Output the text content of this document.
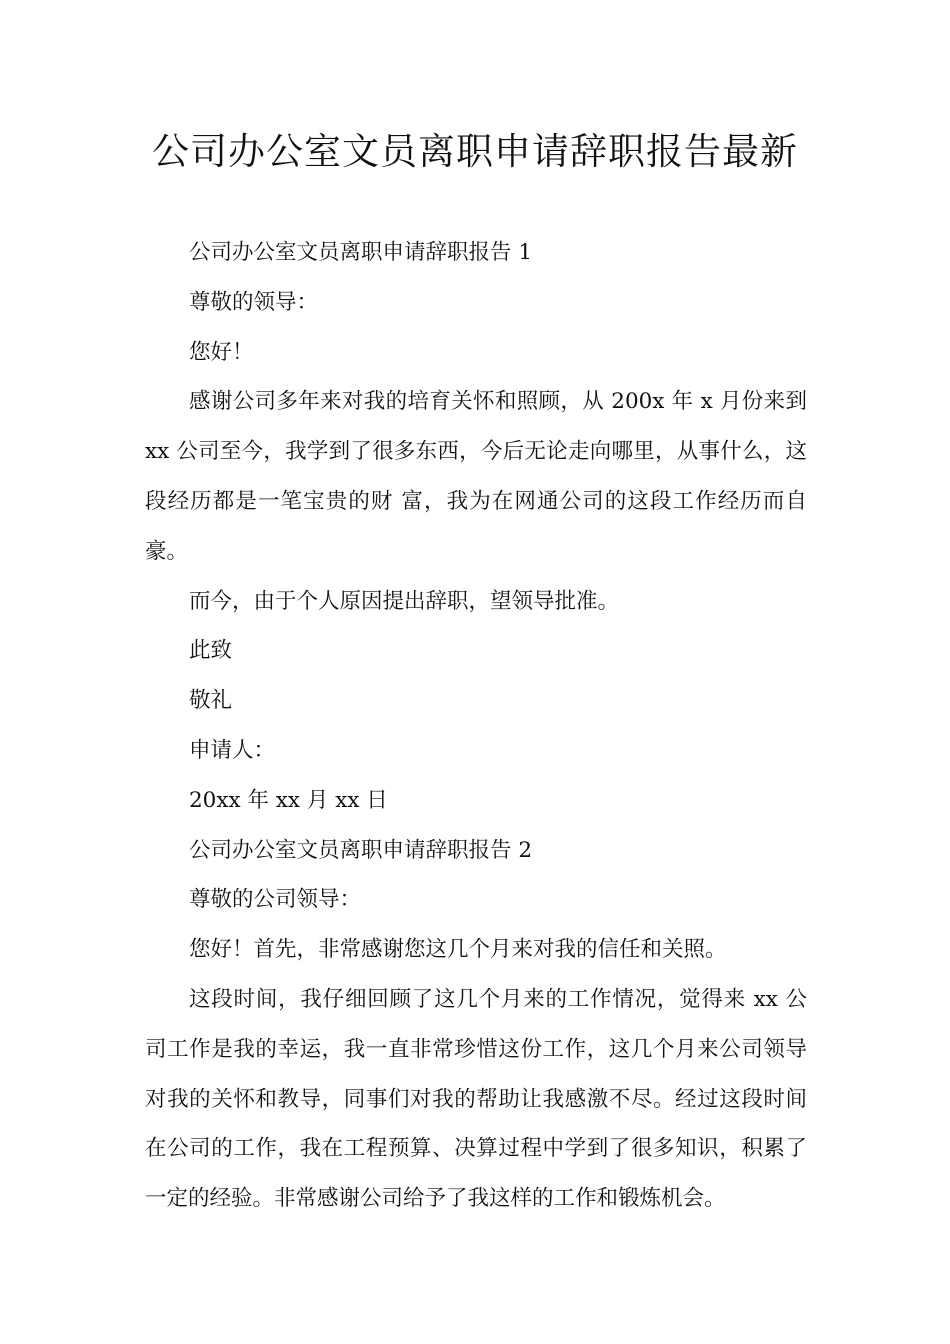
公司办公室文员离职申请辞职报告最新

公司办公室文员离职申请辞职报告 1

尊敬的领导：

您好！

感谢公司多年来对我的培育关怀和照顾，从 200x 年 x 月份来到 xx 公司至今，我学到了很多东西，今后无论走向哪里，从事什么，这段经历都是一笔宝贵的财 富，我为在网通公司的这段工作经历而自豪。

而今，由于个人原因提出辞职，望领导批准。

此致

敬礼

申请人：

20xx 年 xx 月 xx 日

公司办公室文员离职申请辞职报告 2

尊敬的公司领导：

您好！首先，非常感谢您这几个月来对我的信任和关照。

这段时间，我仔细回顾了这几个月来的工作情况，觉得来 xx 公司工作是我的幸运，我一直非常珍惜这份工作，这几个月来公司领导对我的关怀和教导，同事们对我的帮助让我感激不尽。经过这段时间在公司的工作，我在工程预算、决算过程中学到了很多知识，积累了一定的经验。非常感谢公司给予了我这样的工作和锻炼机会。
